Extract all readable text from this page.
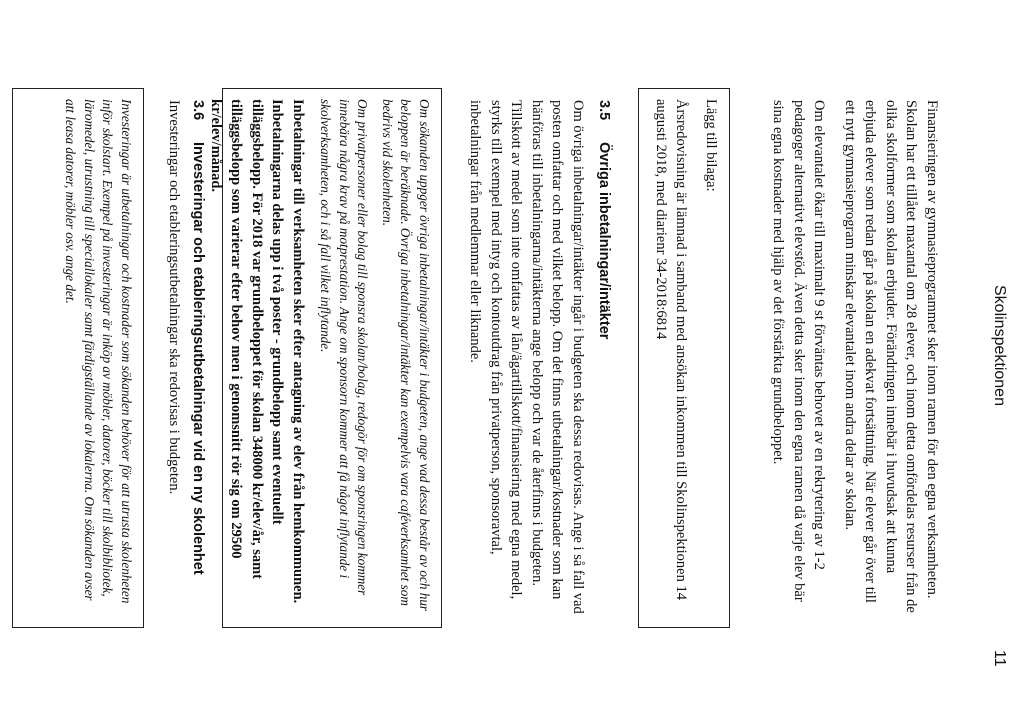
Skolinspektionen
11

Finansieringen av gymnasieprogrammet sker inom ramen för den egna verksamheten. Skolan har ett tillåtet maxantal om 28 elever, och inom detta omfördelas resurser från de olika skolformer som skolan erbjuder. Förändringen innebär i huvudsak att kunna erbjuda elever som redan går på skolan en adekvat fortsättning. När elever går över till ett nytt gymnasieprogram minskar elevantalet inom andra delar av skolan.

Om elevantalet ökar till maximalt 9 st förväntas behovet av en rekrytering av 1-2 pedagoger alternativt elevstöd. Även detta sker inom den egna ramen då varje elev bär sina egna kostnader med hjälp av det förstärkta grundbeloppet.

Lägg till bilaga:

Årsredovisning är lämnad i samband med ansökan inkommen till Skolinspektionen 14 augusti 2018, med diarienr 34-2018:6814

3.5Övriga inbetalningar/intäkter

Om övriga inbetalningar/intäkter ingår i budgeten ska dessa redovisas. Ange i så fall vad posten omfattar och med vilket belopp. Om det finns utbetalningar/kostnader som kan hänföras till inbetalningarna/intäkterna ange belopp och var de återfinns i budgeten. Tillskott av medel som inte omfattas av lån/ägartillskott/finansiering med egna medel, styrks till exempel med intyg och kontoutdrag från privatperson, sponsoravtal, inbetalningar från medlemmar eller liknande.

Om sökanden uppger övriga inbetalningar/intäkter i budgeten, ange vad dessa består av och hur beloppen är beräknade. Övriga inbetalningar/intäkter kan exempelvis vara caféverksamhet som bedrivs vid skolenheten.

Om privatpersoner eller bolag till sponsra skolan/bolag, redogör för om sponsringen kommer innebära några krav på motprestation. Ange om sponsorn kommer att få något inflytande i skolverksamheten, och i så fall vilket inflytande.

Inbetalningar till verksamheten sker efter antagning av elev från hemkommunen. Inbetalningarna delas upp i två poster - grundbelopp samt eventuellt tilläggsbelopp. För 2018 var grundbeloppet för skolan 348000 kr/elev/år, samt tilläggsbelopp som varierar efter behov men i genomsnitt rör sig om 29500 kr/elev/månad.

3.6Investeringar och etableringsutbetalningar vid en ny skolenhet

Investeringar och etableringsutbetalningar ska redovisas i budgeten.

Investeringar är utbetalningar och kostnader som sökanden behöver för att utrusta skolenheten inför skolstart. Exempel på investeringar är inköp av möbler, datorer, böcker till skolbibliotek, läromedel, utrustning till speciallokaler samt färdigställande av lokalerna. Om sökanden avser att leasa datorer, möbler osv. ange det.
